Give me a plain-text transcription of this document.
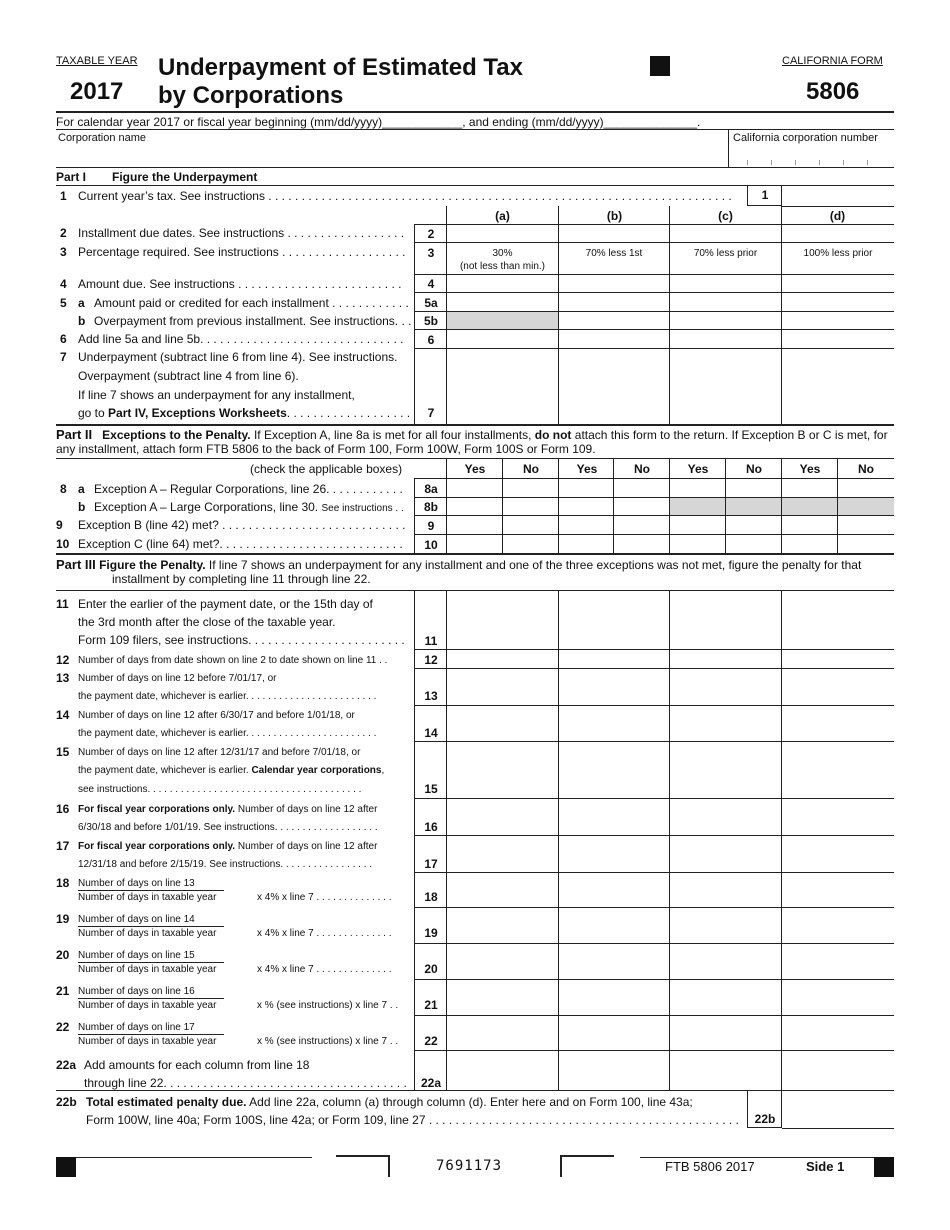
TAXABLE YEAR
2017
Underpayment of Estimated Tax
by Corporations
CALIFORNIA FORM
5806
For calendar year 2017 or fiscal year beginning (mm/dd/yyyy)____________, and ending (mm/dd/yyyy)______________.
Corporation name	California corporation number
Part I Figure the Underpayment
1 Current year’s tax. See instructions . . . . . . . . . . . . . . . . . . . . . . . . . . . . . . . . . . . . . . . . . . . . . . . . . . . . . . . . . . . . . . . . . . . . . .	1
(a)	(b)	(c)	(d)
2 Installment due dates. See instructions . . . . . . . . . . . . . . . . . .	2
3 Percentage required. See instructions . . . . . . . . . . . . . . . . . . .	3	30%
(not less than min.)
70% less 1st	70% less prior	100% less prior
4 Amount due. See instructions . . . . . . . . . . . . . . . . . . . . . . . . .	4
5 a Amount paid or credited for each installment . . . . . . . . . . . .	5a
b Overpayment from previous installment. See instructions. . .	5b
6 Add line 5a and line 5b. . . . . . . . . . . . . . . . . . . . . . . . . . . . . . .	6
7 Underpayment (subtract line 6 from line 4). See instructions.
Overpayment (subtract line 4 from line 6).
If line 7 shows an underpayment for any installment,
go to Part IV, Exceptions Worksheets. . . . . . . . . . . . . . . . . . .	7
Part II Exceptions to the Penalty. If Exception A, line 8a is met for all four installments, do not attach this form to the return. If Exception B or C is met, for
any installment, attach form FTB 5806 to the back of Form 100, Form 100W, Form 100S or Form 109.
(check the applicable boxes)	Yes	No	Yes	No	Yes	No	Yes	No
8 a Exception A – Regular Corporations, line 26. . . . . . . . . . . .	8a
b Exception A – Large Corporations, line 30. See instructions . .	8b
9 Exception B (line 42) met? . . . . . . . . . . . . . . . . . . . . . . . . . . . .	9
10 Exception C (line 64) met?. . . . . . . . . . . . . . . . . . . . . . . . . . . .	10
Part III Figure the Penalty. If line 7 shows an underpayment for any installment and one of the three exceptions was not met, figure the penalty for that
installment by completing line 11 through line 22.
11 Enter the earlier of the payment date, or the 15th day of
the 3rd month after the close of the taxable year.
Form 109 filers, see instructions. . . . . . . . . . . . . . . . . . . . . . . .	11
12 Number of days from date shown on line 2 to date shown on line 11 . .	12
13 Number of days on line 12 before 7/01/17, or
the payment date, whichever is earlier. . . . . . . . . . . . . . . . . . . . . . . .	13
14 Number of days on line 12 after 6/30/17 and before 1/01/18, or
the payment date, whichever is earlier. . . . . . . . . . . . . . . . . . . . . . . .	14
15 Number of days on line 12 after 12/31/17 and before 7/01/18, or
the payment date, whichever is earlier. Calendar year corporations,
see instructions. . . . . . . . . . . . . . . . . . . . . . . . . . . . . . . . . . . . . . .	15
16 For fiscal year corporations only. Number of days on line 12 after
6/30/18 and before 1/01/19. See instructions. . . . . . . . . . . . . . . . . . .	16
17 For fiscal year corporations only. Number of days on line 12 after
12/31/18 and before 2/15/19. See instructions. . . . . . . . . . . . . . . . .	17
18 Number of days on line 13
Number of days in taxable year	x 4% x line 7 . . . . . . . . . . . . . .	18
19 Number of days on line 14
Number of days in taxable year	x 4% x line 7 . . . . . . . . . . . . . .	19
20 Number of days on line 15
Number of days in taxable year	x 4% x line 7 . . . . . . . . . . . . . .	20
21 Number of days on line 16
Number of days in taxable year	x % (see instructions) x line 7 . .	21
22 Number of days on line 17
Number of days in taxable year	x % (see instructions) x line 7 . .	22
22a Add amounts for each column from line 18
through line 22. . . . . . . . . . . . . . . . . . . . . . . . . . . . . . . . . . . . .	22a
22b Total estimated penalty due. Add line 22a, column (a) through column (d). Enter here and on Form 100, line 43a;
Form 100W, line 40a; Form 100S, line 42a; or Form 109, line 27 . . . . . . . . . . . . . . . . . . . . . . . . . . . . . . . . . . . . . . . . . . . . . . .	22b
7691173	FTB 5806 2017	Side 1
